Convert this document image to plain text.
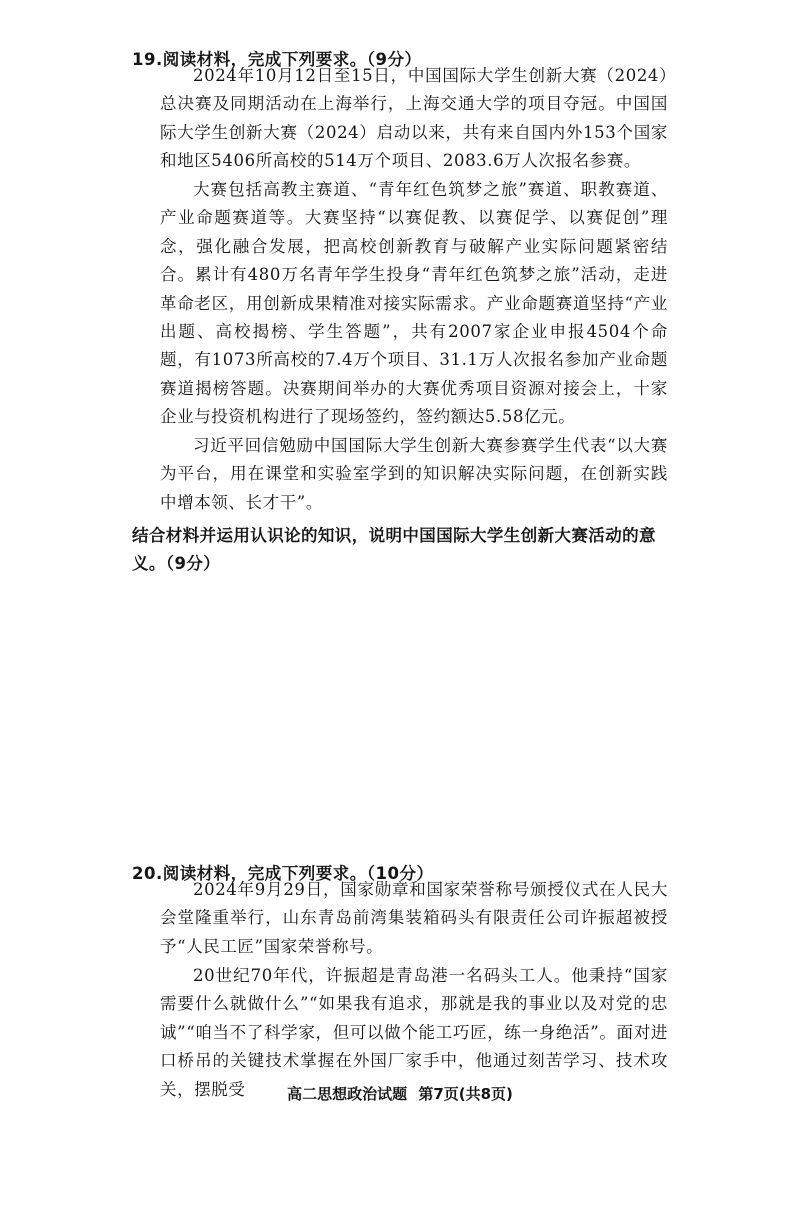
19.阅读材料，完成下列要求。（9分）

2024年10月12日至15日，中国国际大学生创新大赛（2024）总决赛及同期活动在上海举行，上海交通大学的项目夺冠。中国国际大学生创新大赛（2024）启动以来，共有来自国内外153个国家和地区5406所高校的514万个项目、2083.6万人次报名参赛。

大赛包括高教主赛道、“青年红色筑梦之旅”赛道、职教赛道、产业命题赛道等。大赛坚持“以赛促教、以赛促学、以赛促创”理念，强化融合发展，把高校创新教育与破解产业实际问题紧密结合。累计有480万名青年学生投身“青年红色筑梦之旅”活动，走进革命老区，用创新成果精准对接实际需求。产业命题赛道坚持“产业出题、高校揭榜、学生答题”，共有2007家企业申报4504个命题，有1073所高校的7.4万个项目、31.1万人次报名参加产业命题赛道揭榜答题。决赛期间举办的大赛优秀项目资源对接会上，十家企业与投资机构进行了现场签约，签约额达5.58亿元。

习近平回信勉励中国国际大学生创新大赛参赛学生代表“以大赛为平台，用在课堂和实验室学到的知识解决实际问题，在创新实践中增本领、长才干”。

结合材料并运用认识论的知识，说明中国国际大学生创新大赛活动的意义。（9分）
20.阅读材料，完成下列要求。（10分）

2024年9月29日，国家勋章和国家荣誉称号颁授仪式在人民大会堂隆重举行，山东青岛前湾集装箱码头有限责任公司许振超被授予“人民工匠”国家荣誉称号。

20世纪70年代，许振超是青岛港一名码头工人。他秉持“国家需要什么就做什么”“如果我有追求，那就是我的事业以及对党的忠诚”“咱当不了科学家，但可以做个能工巧匠，练一身绝活”。面对进口桥吊的关键技术掌握在外国厂家手中，他通过刻苦学习、技术攻关，摆脱受	高二思想政治试题 第7页(共8页)
